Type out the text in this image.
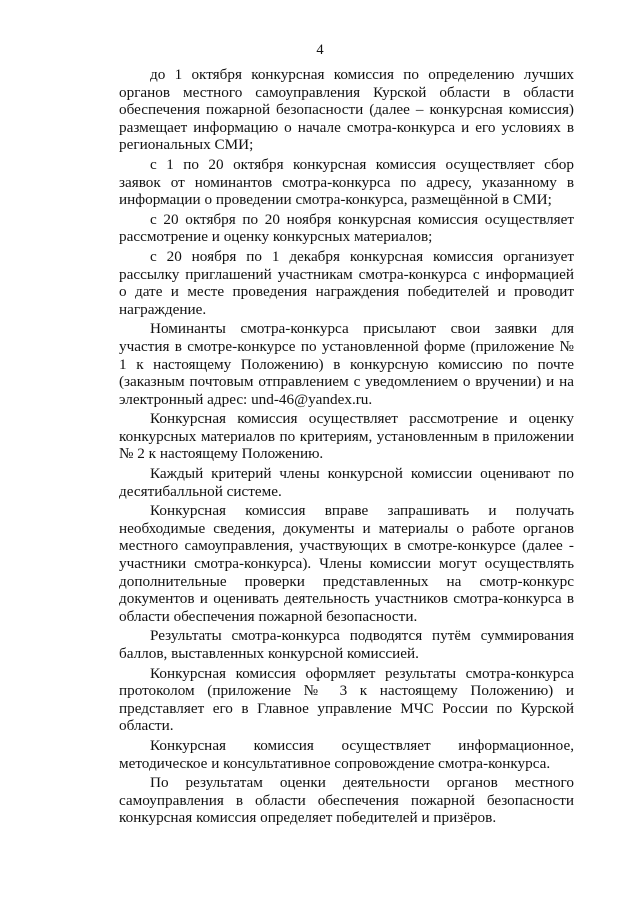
4

до 1 октября конкурсная комиссия по определению лучших органов местного самоуправления Курской области в области обеспечения пожарной безопасности (далее – конкурсная комиссия) размещает информацию о начале смотра-конкурса и его условиях в региональных СМИ;

с 1 по 20 октября конкурсная комиссия осуществляет сбор заявок от номинантов смотра-конкурса по адресу, указанному в информации о проведении смотра-конкурса, размещённой в СМИ;

с 20 октября по 20 ноября конкурсная комиссия осуществляет рассмотрение и оценку конкурсных материалов;

с 20 ноября по 1 декабря конкурсная комиссия организует рассылку приглашений участникам смотра-конкурса с информацией о дате и месте проведения награждения победителей и проводит награждение.

Номинанты смотра-конкурса присылают свои заявки для участия в смотре-конкурсе по установленной форме (приложение № 1 к настоящему Положению) в конкурсную комиссию по почте (заказным почтовым отправлением с уведомлением о вручении) и на электронный адрес: und-46@yandex.ru.

Конкурсная комиссия осуществляет рассмотрение и оценку конкурсных материалов по критериям, установленным в приложении № 2 к настоящему Положению.

Каждый критерий члены конкурсной комиссии оценивают по десятибалльной системе.

Конкурсная комиссия вправе запрашивать и получать необходимые сведения, документы и материалы о работе органов местного самоуправления, участвующих в смотре-конкурсе (далее - участники смотра-конкурса). Члены комиссии могут осуществлять дополнительные проверки представленных на смотр-конкурс документов и оценивать деятельность участников смотра-конкурса в области обеспечения пожарной безопасности.

Результаты смотра-конкурса подводятся путём суммирования баллов, выставленных конкурсной комиссией.

Конкурсная комиссия оформляет результаты смотра-конкурса протоколом (приложение № 3 к настоящему Положению) и представляет его в Главное управление МЧС России по Курской области.

Конкурсная комиссия осуществляет информационное, методическое и консультативное сопровождение смотра-конкурса.

По результатам оценки деятельности органов местного самоуправления в области обеспечения пожарной безопасности конкурсная комиссия определяет победителей и призёров.
